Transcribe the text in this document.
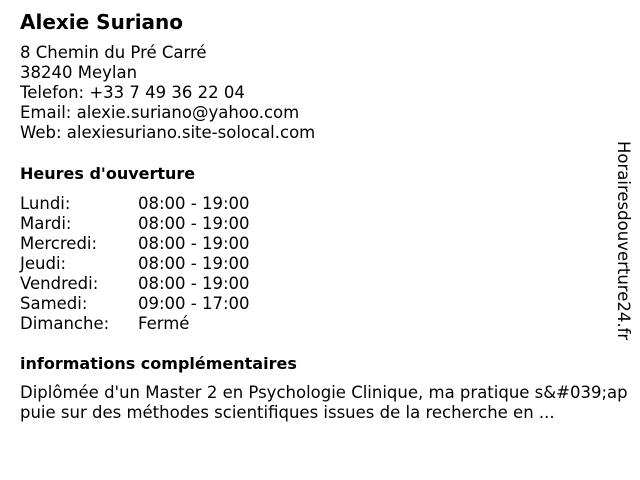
Alexie Suriano
8 Chemin du Pré Carré
38240 Meylan
Telefon: +33 7 49 36 22 04
Email: alexie.suriano@yahoo.com
Web: alexiesuriano.site-solocal.com
Heures d'ouverture
Lundi:	08:00 - 19:00
Mardi:	08:00 - 19:00
Mercredi:	08:00 - 19:00
Jeudi:	08:00 - 19:00
Vendredi:	08:00 - 19:00
Samedi:	09:00 - 17:00
Dimanche:	Fermé
informations complémentaires
Diplômée d'un Master 2 en Psychologie Clinique, ma pratique s&#039;appuie sur des méthodes scientifiques issues de la recherche en ...
Horairesdouverture24.fr
